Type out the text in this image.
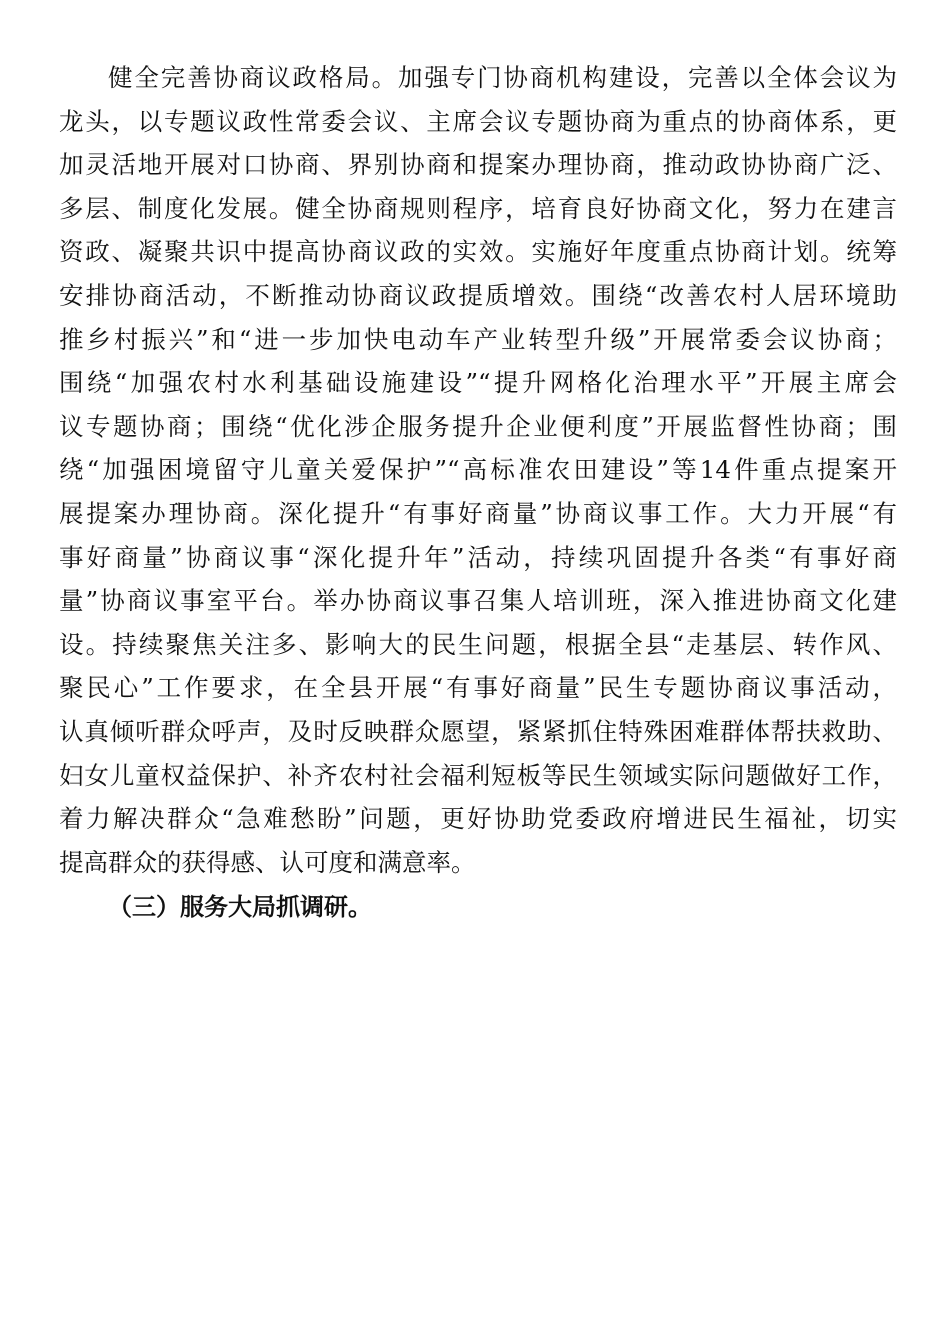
健全完善协商议政格局。加强专门协商机构建设，完善以全体会议为
龙头，以专题议政性常委会议、主席会议专题协商为重点的协商体系，更
加灵活地开展对口协商、界别协商和提案办理协商，推动政协协商广泛、
多层、制度化发展。健全协商规则程序，培育良好协商文化，努力在建言
资政、凝聚共识中提高协商议政的实效。实施好年度重点协商计划。统筹
安排协商活动，不断推动协商议政提质增效。围绕“改善农村人居环境助
推乡村振兴”和“进一步加快电动车产业转型升级”开展常委会议协商；
围绕“加强农村水利基础设施建设”“提升网格化治理水平”开展主席会
议专题协商；围绕“优化涉企服务提升企业便利度”开展监督性协商；围
绕“加强困境留守儿童关爱保护”“高标准农田建设”等14件重点提案开
展提案办理协商。深化提升“有事好商量”协商议事工作。大力开展“有
事好商量”协商议事“深化提升年”活动，持续巩固提升各类“有事好商
量”协商议事室平台。举办协商议事召集人培训班，深入推进协商文化建
设。持续聚焦关注多、影响大的民生问题，根据全县“走基层、转作风、
聚民心”工作要求，在全县开展“有事好商量”民生专题协商议事活动，
认真倾听群众呼声，及时反映群众愿望，紧紧抓住特殊困难群体帮扶救助、
妇女儿童权益保护、补齐农村社会福利短板等民生领域实际问题做好工作，
着力解决群众“急难愁盼”问题，更好协助党委政府增进民生福祉，切实
提高群众的获得感、认可度和满意率。
（三）服务大局抓调研。
